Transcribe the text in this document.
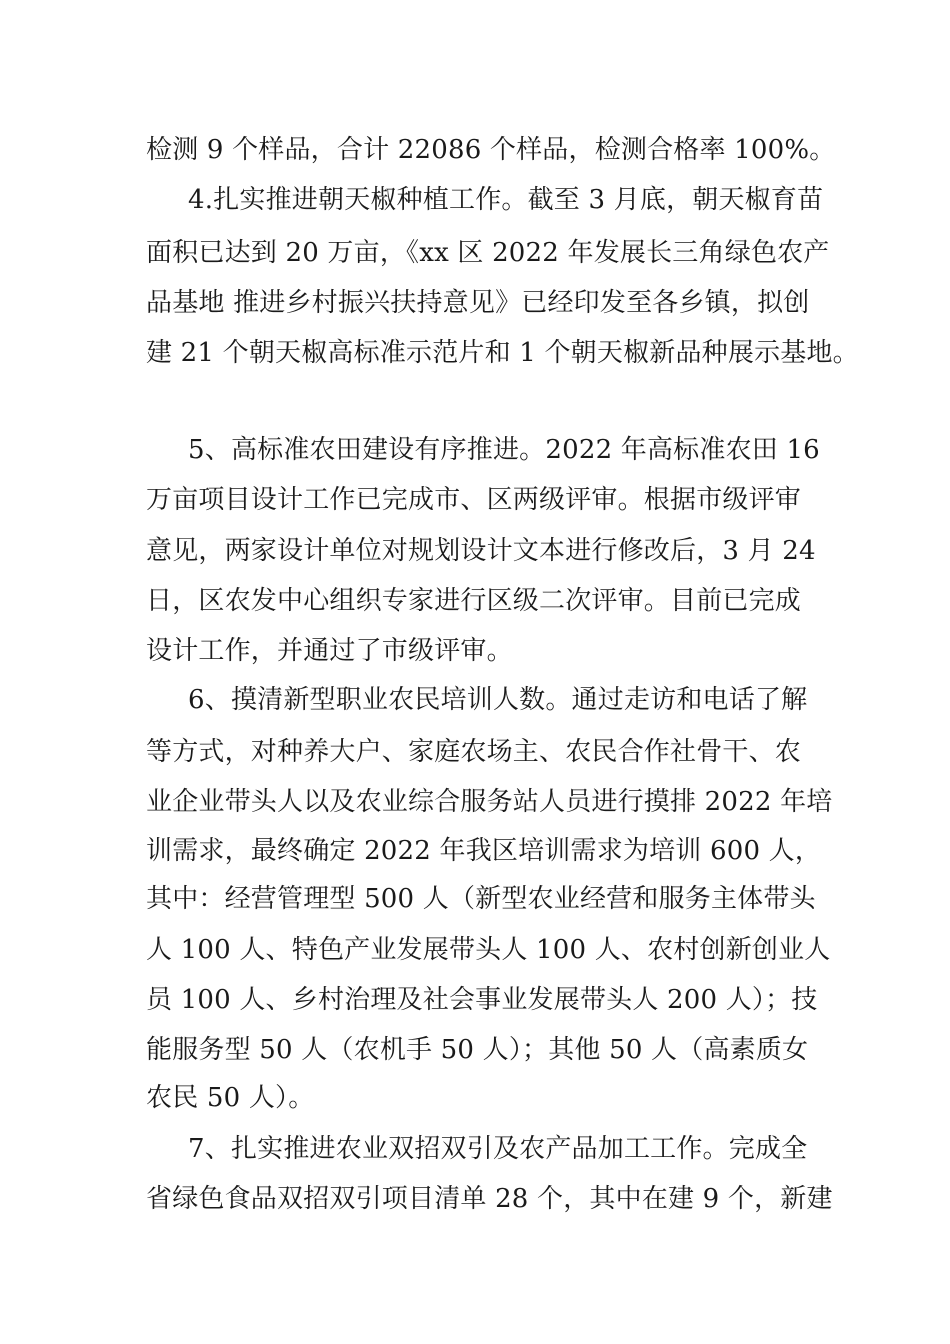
检测 9 个样品，合计 22086 个样品，检测合格率 100%。
4.扎实推进朝天椒种植工作。截至 3 月底，朝天椒育苗
面积已达到 20 万亩，《xx 区 2022 年发展长三角绿色农产
品基地 推进乡村振兴扶持意见》已经印发至各乡镇，拟创
建 21 个朝天椒高标准示范片和 1 个朝天椒新品种展示基地。
5、高标准农田建设有序推进。2022 年高标准农田 16
万亩项目设计工作已完成市、区两级评审。根据市级评审
意见，两家设计单位对规划设计文本进行修改后，3 月 24
日，区农发中心组织专家进行区级二次评审。目前已完成
设计工作，并通过了市级评审。
6、摸清新型职业农民培训人数。通过走访和电话了解
等方式，对种养大户、家庭农场主、农民合作社骨干、农
业企业带头人以及农业综合服务站人员进行摸排 2022 年培
训需求，最终确定 2022 年我区培训需求为培训 600 人，
其中：经营管理型 500 人（新型农业经营和服务主体带头
人 100 人、特色产业发展带头人 100 人、农村创新创业人
员 100 人、乡村治理及社会事业发展带头人 200 人）；技
能服务型 50 人（农机手 50 人）；其他 50 人（高素质女
农民 50 人）。
7、扎实推进农业双招双引及农产品加工工作。完成全
省绿色食品双招双引项目清单 28 个，其中在建 9 个，新建
